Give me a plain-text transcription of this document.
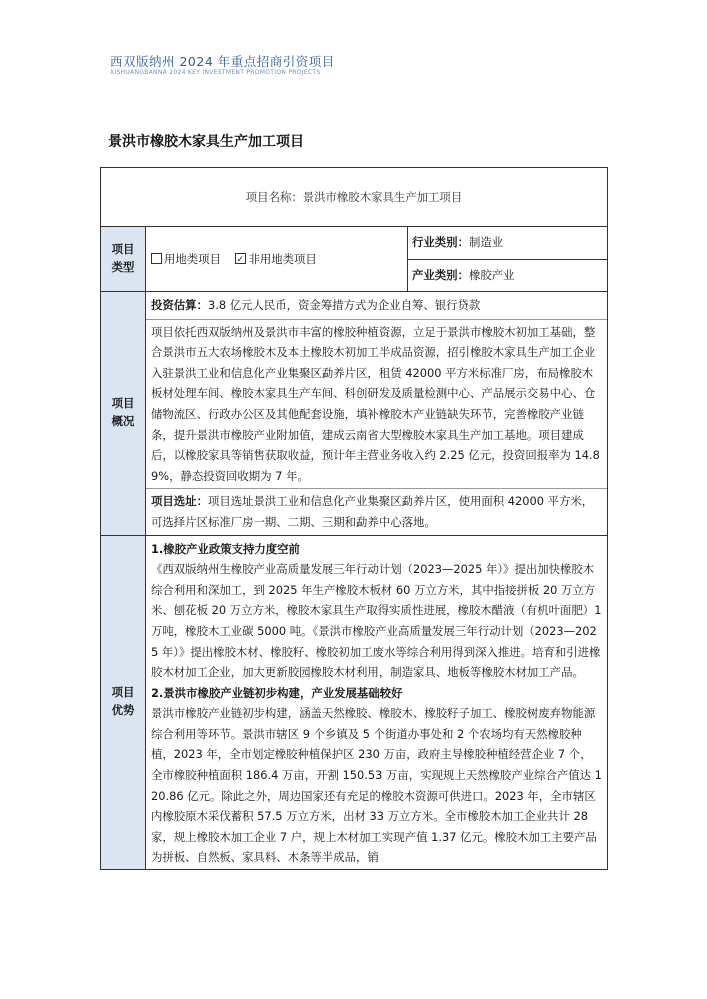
西双版纳州 2024 年重点招商引资项目
XISHUANGBANNA 2024 KEY INVESTMENT PROMOTION PROJECTS
景洪市橡胶木家具生产加工项目
项目名称：景洪市橡胶木家具生产加工项目		
项目类型	用地类项目 ✓ 非用地类项目	行业类别：制造业
		产业类别：橡胶产业
项目概况	投资估算：3.8 亿元人民币，资金筹措方式为企业自筹、银行贷款

项目依托西双版纳州及景洪市丰富的橡胶种植资源，立足于景洪市橡胶木初加工基础，整合景洪市五大农场橡胶木及本土橡胶木初加工半成品资源，招引橡胶木家具生产加工企业入驻景洪工业和信息化产业集聚区勐养片区，租赁 42000 平方米标准厂房，布局橡胶木板材处理车间、橡胶木家具生产车间、科创研发及质量检测中心、产品展示交易中心、仓储物流区、行政办公区及其他配套设施，填补橡胶木产业链缺失环节，完善橡胶产业链条，提升景洪市橡胶产业附加值，建成云南省大型橡胶木家具生产加工基地。项目建成后，以橡胶家具等销售获取收益，预计年主营业务收入约 2.25 亿元，投资回报率为 14.89%，静态投资回收期为 7 年。

项目选址：项目选址景洪工业和信息化产业集聚区勐养片区，使用面积 42000 平方米，可选择片区标准厂房一期、二期、三期和勐养中心落地。	

项目优势	1.橡胶产业政策支持力度空前

《西双版纳州生橡胶产业高质量发展三年行动计划（2023—2025 年）》提出加快橡胶木综合利用和深加工，到 2025 年生产橡胶木板材 60 万立方米，其中指接拼板 20 万立方米、刨花板 20 万立方米，橡胶木家具生产取得实质性进展，橡胶木醋液（有机叶面肥）1 万吨，橡胶木工业碳 5000 吨。《景洪市橡胶产业高质量发展三年行动计划（2023—2025 年）》提出橡胶木材、橡胶籽、橡胶初加工废水等综合利用得到深入推进。培育和引进橡胶木材加工企业，加大更新胶园橡胶木材利用，制造家具、地板等橡胶木材加工产品。

2.景洪市橡胶产业链初步构建，产业发展基础较好

景洪市橡胶产业链初步构建，涵盖天然橡胶、橡胶木、橡胶籽子加工、橡胶树废弃物能源综合利用等环节。景洪市辖区 9 个乡镇及 5 个街道办事处和 2 个农场均有天然橡胶种植，2023 年，全市划定橡胶种植保护区 230 万亩，政府主导橡胶种植经营企业 7 个，全市橡胶种植面积 186.4 万亩，开割 150.53 万亩，实现规上天然橡胶产业综合产值达 120.86 亿元。除此之外，周边国家还有充足的橡胶木资源可供进口。2023 年，全市辖区内橡胶原木采伐蓄积 57.5 万立方米，出材 33 万立方米。全市橡胶木加工企业共计 28 家，规上橡胶木加工企业 7 户，规上木材加工实现产值 1.37 亿元。橡胶木加工主要产品为拼板、自然板、家具料、木条等半成品，销	
